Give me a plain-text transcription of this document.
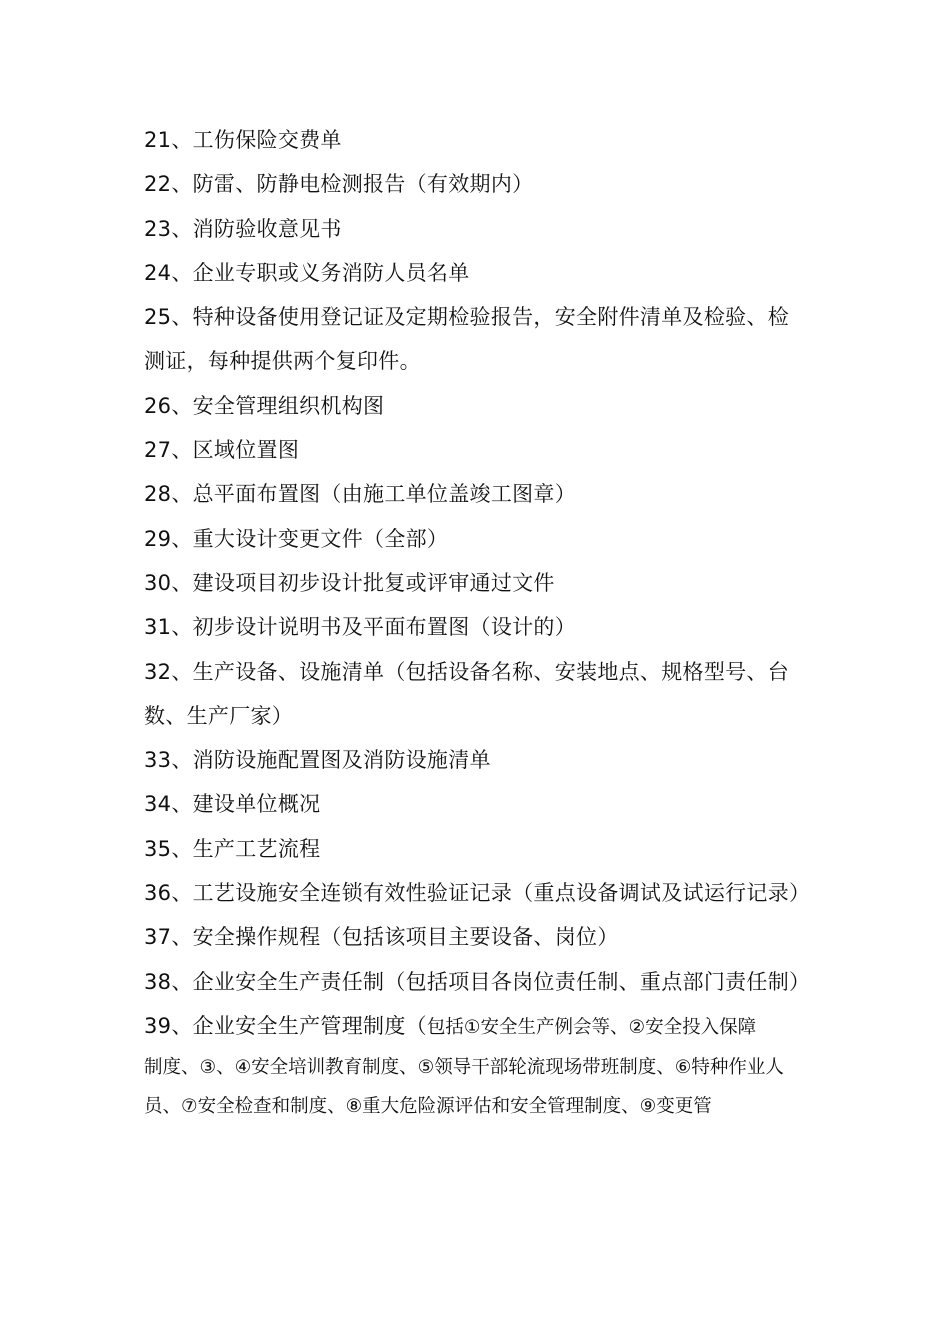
21、工伤保险交费单
22、防雷、防静电检测报告（有效期内）
23、消防验收意见书
24、企业专职或义务消防人员名单
25、特种设备使用登记证及定期检验报告，安全附件清单及检验、检测证，每种提供两个复印件。
26、安全管理组织机构图
27、区域位置图
28、总平面布置图（由施工单位盖竣工图章）
29、重大设计变更文件（全部）
30、建设项目初步设计批复或评审通过文件
31、初步设计说明书及平面布置图（设计的）
32、生产设备、设施清单（包括设备名称、安装地点、规格型号、台数、生产厂家）
33、消防设施配置图及消防设施清单
34、建设单位概况
35、生产工艺流程
36、工艺设施安全连锁有效性验证记录（重点设备调试及试运行记录）
37、安全操作规程（包括该项目主要设备、岗位）
38、企业安全生产责任制（包括项目各岗位责任制、重点部门责任制）
39、企业安全生产管理制度（包括①安全生产例会等、②安全投入保障
制度、③、④安全培训教育制度、⑤领导干部轮流现场带班制度、⑥特种作业人员、⑦安全检查和制度、⑧重大危险源评估和安全管理制度、⑨变更管
